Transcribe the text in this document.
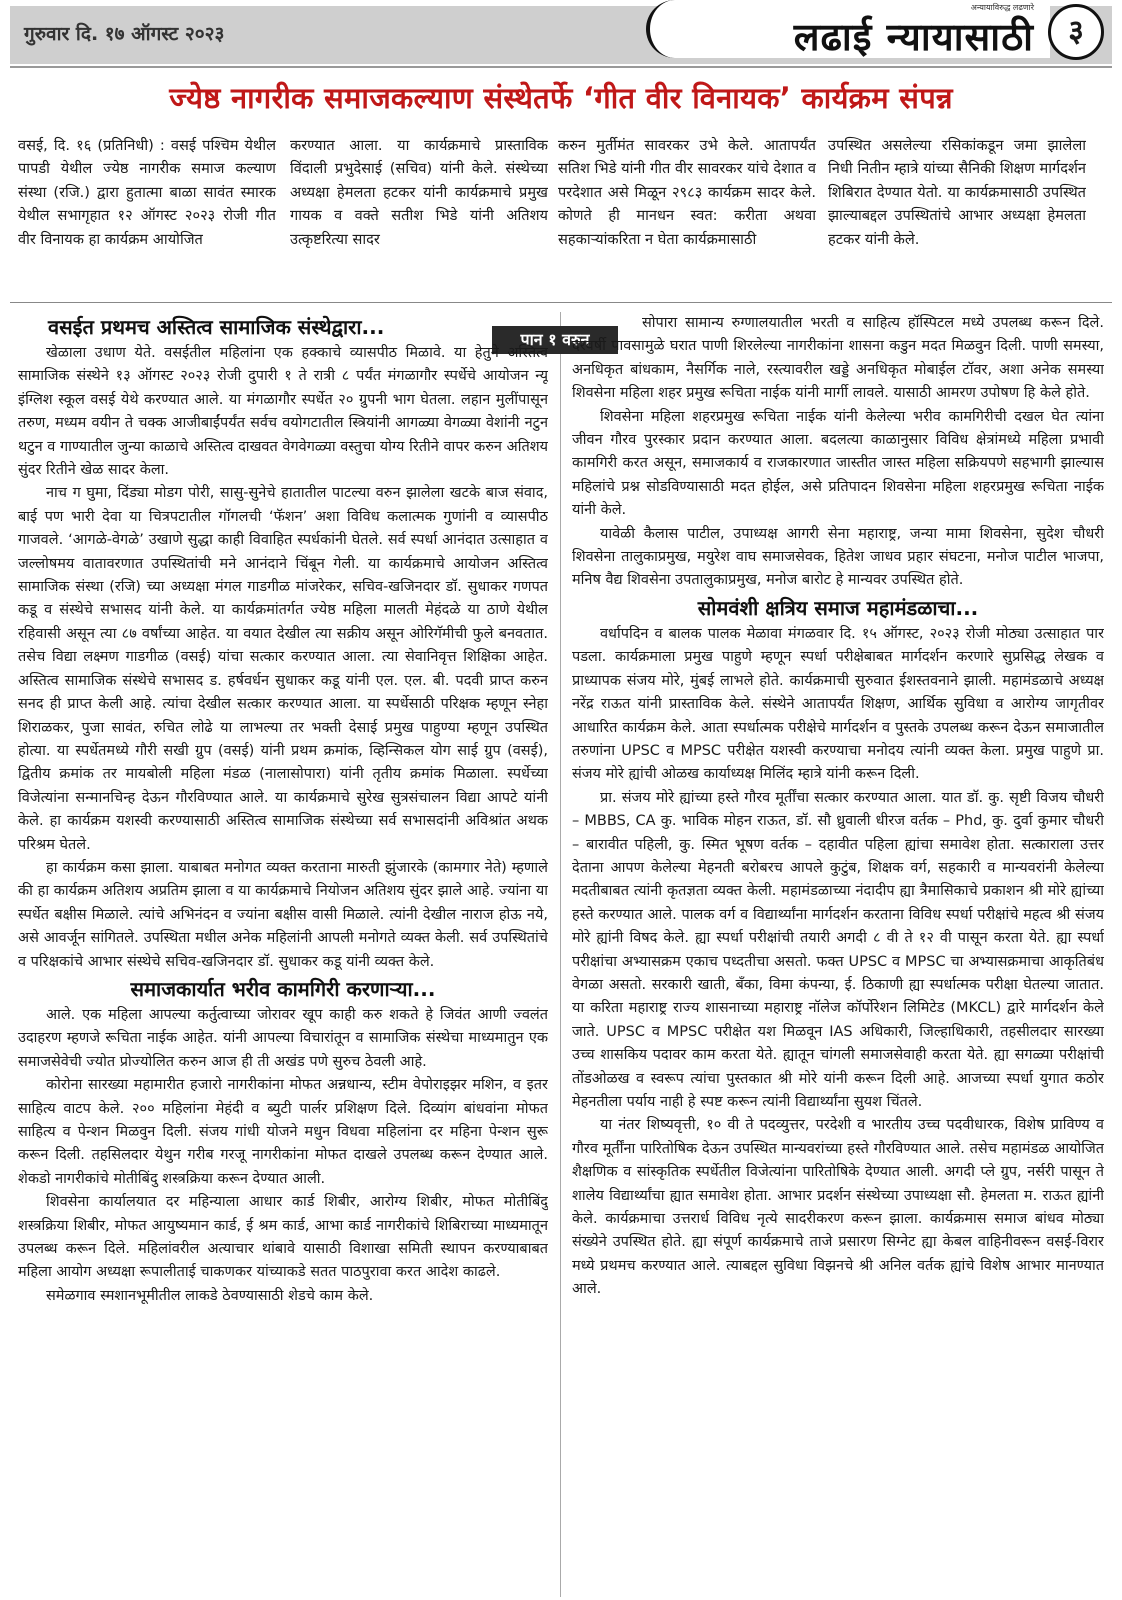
गुरुवार दि. १७ ऑगस्ट २०२३
अन्यायाविरुद्ध लढणारे
लढाई न्यायासाठी	३
ज्येष्ठ नागरीक समाजकल्याण संस्थेतर्फे ‘गीत वीर विनायक’ कार्यक्रम संपन्न

वसई, दि. १६ (प्रतिनिधी) : वसई पश्चिम येथील पापडी येथील ज्येष्ठ नागरीक समाज कल्याण संस्था (रजि.) द्वारा हुतात्मा बाळा सावंत स्मारक येथील सभागृहात १२ ऑगस्ट २०२३ रोजी गीत वीर विनायक हा कार्यक्रम आयोजित

करण्यात आला. या कार्यक्रमाचे प्रास्ताविक विंदाली प्रभुदेसाई (सचिव) यांनी केले. संस्थेच्या अध्यक्षा हेमलता हटकर यांनी कार्यक्रमाचे प्रमुख गायक व वक्ते सतीश भिडे यांनी अतिशय उत्कृष्टरित्या सादर

करुन मुर्तीमंत सावरकर उभे केले. आतापर्यंत सतिश भिडे यांनी गीत वीर सावरकर यांचे देशात व परदेशात असे मिळून २९८३ कार्यक्रम सादर केले. कोणते ही मानधन स्वत: करीता अथवा सहकाऱ्यांकरिता न घेता कार्यक्रमासाठी

उपस्थित असलेल्या रसिकांकडून जमा झालेला निधी नितीन म्हात्रे यांच्या सैनिकी शिक्षण मार्गदर्शन शिबिरात देण्यात येतो. या कार्यक्रमासाठी उपस्थित झाल्याबद्दल उपस्थितांचे आभार अध्यक्षा हेमलता हटकर यांनी केले.

पान १ वरुन
वसईत प्रथमच अस्तित्व सामाजिक संस्थेद्वारा...

खेळाला उधाण येते. वसईतील महिलांना एक हक्काचे व्यासपीठ मिळावे. या हेतुने अस्तित्व सामाजिक संस्थेने १३ ऑगस्ट २०२३ रोजी दुपारी १ ते रात्री ८ पर्यंत मंगळागौर स्पर्धेचे आयोजन न्यू इंग्लिश स्कूल वसई येथे करण्यात आले. या मंगळागौर स्पर्धेत २० ग्रुपनी भाग घेतला. लहान मुलींपासून तरुण, मध्यम वयीन ते चक्क आजीबाईंपर्यंत सर्वच वयोगटातील स्त्रियांनी आगळ्या वेगळ्या वेशांनी नटुन थटुन व गाण्यातील जुन्या काळाचे अस्तित्व दाखवत वेगवेगळ्या वस्तुचा योग्य रितीने वापर करुन अतिशय सुंदर रितीने खेळ सादर केला.

नाच ग घुमा, दिंड्या मोडग पोरी, सासु-सुनेचे हातातील पाटल्या वरुन झालेला खटके बाज संवाद, बाई पण भारी देवा या चित्रपटातील गॉगलची ‘फॅशन’ अशा विविध कलात्मक गुणांनी व व्यासपीठ गाजवले. ‘आगळे-वेगळे’ उखाणे सुद्धा काही विवाहित स्पर्धकांनी घेतले. सर्व स्पर्धा आनंदात उत्साहात व जल्लोषमय वातावरणात उपस्थितांची मने आनंदाने चिंबून गेली. या कार्यक्रमाचे आयोजन अस्तित्व सामाजिक संस्था (रजि) च्या अध्यक्षा मंगल गाडगीळ मांजरेकर, सचिव-खजिनदार डॉ. सुधाकर गणपत कडू व संस्थेचे सभासद यांनी केले. या कार्यक्रमांतर्गत ज्येष्ठ महिला मालती मेहंदळे या ठाणे येथील रहिवासी असून त्या ८७ वर्षांच्या आहेत. या वयात देखील त्या सक्रीय असून ओरिगॅमीची फुले बनवतात. तसेच विद्या लक्ष्मण गाडगीळ (वसई) यांचा सत्कार करण्यात आला. त्या सेवानिवृत्त शिक्षिका आहेत. अस्तित्व सामाजिक संस्थेचे सभासद ड. हर्षवर्धन सुधाकर कडू यांनी एल. एल. बी. पदवी प्राप्त करुन सनद ही प्राप्त केली आहे. त्यांचा देखील सत्कार करण्यात आला. या स्पर्धेसाठी परिक्षक म्हणून स्नेहा शिराळकर, पुजा सावंत, रुचित लोढे या लाभल्या तर भक्ती देसाई प्रमुख पाहुण्या म्हणून उपस्थित होत्या. या स्पर्धेतमध्ये गौरी सखी ग्रुप (वसई) यांनी प्रथम क्रमांक, व्हिन्सिकल योग साई ग्रुप (वसई), द्वितीय क्रमांक तर मायबोली महिला मंडळ (नालासोपारा) यांनी तृतीय क्रमांक मिळाला. स्पर्धेच्या विजेत्यांना सन्मानचिन्ह देऊन गौरविण्यात आले. या कार्यक्रमाचे सुरेख सुत्रसंचालन विद्या आपटे यांनी केले. हा कार्यक्रम यशस्वी करण्यासाठी अस्तित्व सामाजिक संस्थेच्या सर्व सभासदांनी अविश्रांत अथक परिश्रम घेतले.

हा कार्यक्रम कसा झाला. याबाबत मनोगत व्यक्त करताना मारुती झुंजारके (कामगार नेते) म्हणाले की हा कार्यक्रम अतिशय अप्रतिम झाला व या कार्यक्रमाचे नियोजन अतिशय सुंदर झाले आहे. ज्यांना या स्पर्धेत बक्षीस मिळाले. त्यांचे अभिनंदन व ज्यांना बक्षीस वासी मिळाले. त्यांनी देखील नाराज होऊ नये, असे आवर्जून सांगितले. उपस्थिता मधील अनेक महिलांनी आपली मनोगते व्यक्त केली. सर्व उपस्थितांचे व परिक्षकांचे आभार संस्थेचे सचिव-खजिनदार डॉ. सुधाकर कडू यांनी व्यक्त केले.

समाजकार्यात भरीव कामगिरी करणाऱ्या...

आले. एक महिला आपल्या कर्तुत्वाच्या जोरावर खूप काही करु शकते हे जिवंत आणी ज्वलंत उदाहरण म्हणजे रूचिता नाईक आहेत. यांनी आपल्या विचारांतून व सामाजिक संस्थेचा माध्यमातुन एक समाजसेवेची ज्योत प्रोज्योलित करुन आज ही ती अखंड पणे सुरुच ठेवली आहे.

कोरोना सारख्या महामारीत हजारो नागरीकांना मोफत अन्नधान्य, स्टीम वेपोराइझर मशिन, व इतर साहित्य वाटप केले. २०० महिलांना मेहंदी व ब्युटी पार्लर प्रशिक्षण दिले. दिव्यांग बांधवांना मोफत साहित्य व पेन्शन मिळवुन दिली. संजय गांधी योजने मधुन विधवा महिलांना दर महिना पेन्शन सुरू करून दिली. तहसिलदार येथुन गरीब गरजू नागरीकांना मोफत दाखले उपलब्ध करून देण्यात आले. शेकडो नागरीकांचे मोतीबिंदु शस्त्रक्रिया करून देण्यात आली.

शिवसेना कार्यालयात दर महिन्याला आधार कार्ड शिबीर, आरोग्य शिबीर, मोफत मोतीबिंदु शस्त्रक्रिया शिबीर, मोफत आयुष्यमान कार्ड, ई श्रम कार्ड, आभा कार्ड नागरीकांचे शिबिराच्या माध्यमातून उपलब्ध करून दिले. महिलांवरील अत्याचार थांबावे यासाठी विशाखा समिती स्थापन करण्याबाबत महिला आयोग अध्यक्षा रूपालीताई चाकणकर यांच्याकडे सतत पाठपुरावा करत आदेश काढले.

समेळगाव स्मशानभूमीतील लाकडे ठेवण्यासाठी शेडचे काम केले.

सोपारा सामान्य रुग्णालयातील भरती व साहित्य हॉस्पिटल मध्ये उपलब्ध करून दिले. दरवर्षी पावसामुळे घरात पाणी शिरलेल्या नागरीकांना शासना कडुन मदत मिळवुन दिली. पाणी समस्या, अनधिकृत बांधकाम, नैसर्गिक नाले, रस्त्यावरील खड्डे अनधिकृत मोबाईल टॉवर, अशा अनेक समस्या शिवसेना महिला शहर प्रमुख रूचिता नाईक यांनी मार्गी लावले. यासाठी आमरण उपोषण हि केले होते.

शिवसेना महिला शहरप्रमुख रूचिता नाईक यांनी केलेल्या भरीव कामगिरीची दखल घेत त्यांना जीवन गौरव पुरस्कार प्रदान करण्यात आला. बदलत्या काळानुसार विविध क्षेत्रांमध्ये महिला प्रभावी कामगिरी करत असून, समाजकार्य व राजकारणात जास्तीत जास्त महिला सक्रियपणे सहभागी झाल्यास महिलांचे प्रश्न सोडविण्यासाठी मदत होईल, असे प्रतिपादन शिवसेना महिला शहरप्रमुख रूचिता नाईक यांनी केले.

यावेळी कैलास पाटील, उपाध्यक्ष आगरी सेना महाराष्ट्र, जन्या मामा शिवसेना, सुदेश चौधरी शिवसेना तालुकाप्रमुख, मयुरेश वाघ समाजसेवक, हितेश जाधव प्रहार संघटना, मनोज पाटील भाजपा, मनिष वैद्य शिवसेना उपतालुकाप्रमुख, मनोज बारोट हे मान्यवर उपस्थित होते.

सोमवंशी क्षत्रिय समाज महामंडळाचा...

वर्धापदिन व बालक पालक मेळावा मंगळवार दि. १५ ऑगस्ट, २०२३ रोजी मोठ्या उत्साहात पार पडला. कार्यक्रमाला प्रमुख पाहुणे म्हणून स्पर्धा परीक्षेबाबत मार्गदर्शन करणारे सुप्रसिद्ध लेखक व प्राध्यापक संजय मोरे, मुंबई लाभले होते. कार्यक्रमाची सुरुवात ईशस्तवनाने झाली. महामंडळाचे अध्यक्ष नरेंद्र राऊत यांनी प्रास्ताविक केले. संस्थेने आतापर्यंत शिक्षण, आर्थिक सुविधा व आरोग्य जागृतीवर आधारित कार्यक्रम केले. आता स्पर्धात्मक परीक्षेचे मार्गदर्शन व पुस्तके उपलब्ध करून देऊन समाजातील तरुणांना UPSC व MPSC परीक्षेत यशस्वी करण्याचा मनोदय त्यांनी व्यक्त केला. प्रमुख पाहुणे प्रा. संजय मोरे ह्यांची ओळख कार्याध्यक्ष मिलिंद म्हात्रे यांनी करून दिली.

प्रा. संजय मोरे ह्यांच्या हस्ते गौरव मूर्तींचा सत्कार करण्यात आला. यात डॉ. कु. सृष्टी विजय चौधरी – MBBS, CA कु. भाविक मोहन राऊत, डॉ. सौ ध्रुवाली धीरज वर्तक – Phd, कु. दुर्वा कुमार चौधरी – बारावीत पहिली, कु. स्मित भूषण वर्तक – दहावीत पहिला ह्यांचा समावेश होता. सत्काराला उत्तर देताना आपण केलेल्या मेहनती बरोबरच आपले कुटुंब, शिक्षक वर्ग, सहकारी व मान्यवरांनी केलेल्या मदतीबाबत त्यांनी कृतज्ञता व्यक्त केली. महामंडळाच्या नंदादीप ह्या त्रैमासिकाचे प्रकाशन श्री मोरे ह्यांच्या हस्ते करण्यात आले. पालक वर्ग व विद्यार्थ्यांना मार्गदर्शन करताना विविध स्पर्धा परीक्षांचे महत्व श्री संजय मोरे ह्यांनी विषद केले. ह्या स्पर्धा परीक्षांची तयारी अगदी ८ वी ते १२ वी पासून करता येते. ह्या स्पर्धा परीक्षांचा अभ्यासक्रम एकाच पध्दतीचा असतो. फक्त UPSC व MPSC चा अभ्यासक्रमाचा आकृतिबंध वेगळा असतो. सरकारी खाती, बँका, विमा कंपन्या, ई. ठिकाणी ह्या स्पर्धात्मक परीक्षा घेतल्या जातात. या करिता महाराष्ट्र राज्य शासनाच्या महाराष्ट्र नॉलेज कॉर्पोरेशन लिमिटेड (MKCL) द्वारे मार्गदर्शन केले जाते. UPSC व MPSC परीक्षेत यश मिळवून IAS अधिकारी, जिल्हाधिकारी, तहसीलदार सारख्या उच्च शासकिय पदावर काम करता येते. ह्यातून चांगली समाजसेवाही करता येते. ह्या सगळ्या परीक्षांची तोंडओळख व स्वरूप त्यांचा पुस्तकात श्री मोरे यांनी करून दिली आहे. आजच्या स्पर्धा युगात कठोर मेहनतीला पर्याय नाही हे स्पष्ट करून त्यांनी विद्यार्थ्यांना सुयश चिंतले.

या नंतर शिष्यवृत्ती, १० वी ते पदव्युत्तर, परदेशी व भारतीय उच्च पदवीधारक, विशेष प्राविण्य व गौरव मूर्तींना पारितोषिक देऊन उपस्थित मान्यवरांच्या हस्ते गौरविण्यात आले. तसेच महामंडळ आयोजित शैक्षणिक व सांस्कृतिक स्पर्धेतील विजेत्यांना पारितोषिके देण्यात आली. अगदी प्ले ग्रुप, नर्सरी पासून ते शालेय विद्यार्थ्यांचा ह्यात समावेश होता. आभार प्रदर्शन संस्थेच्या उपाध्यक्षा सौ. हेमलता म. राऊत ह्यांनी केले. कार्यक्रमाचा उत्तरार्ध विविध नृत्ये सादरीकरण करून झाला. कार्यक्रमास समाज बांधव मोठ्या संख्येने उपस्थित होते. ह्या संपूर्ण कार्यक्रमाचे ताजे प्रसारण सिग्नेट ह्या केबल वाहिनीवरून वसई-विरार मध्ये प्रथमच करण्यात आले. त्याबद्दल सुविधा विझनचे श्री अनिल वर्तक ह्यांचे विशेष आभार मानण्यात आले.
